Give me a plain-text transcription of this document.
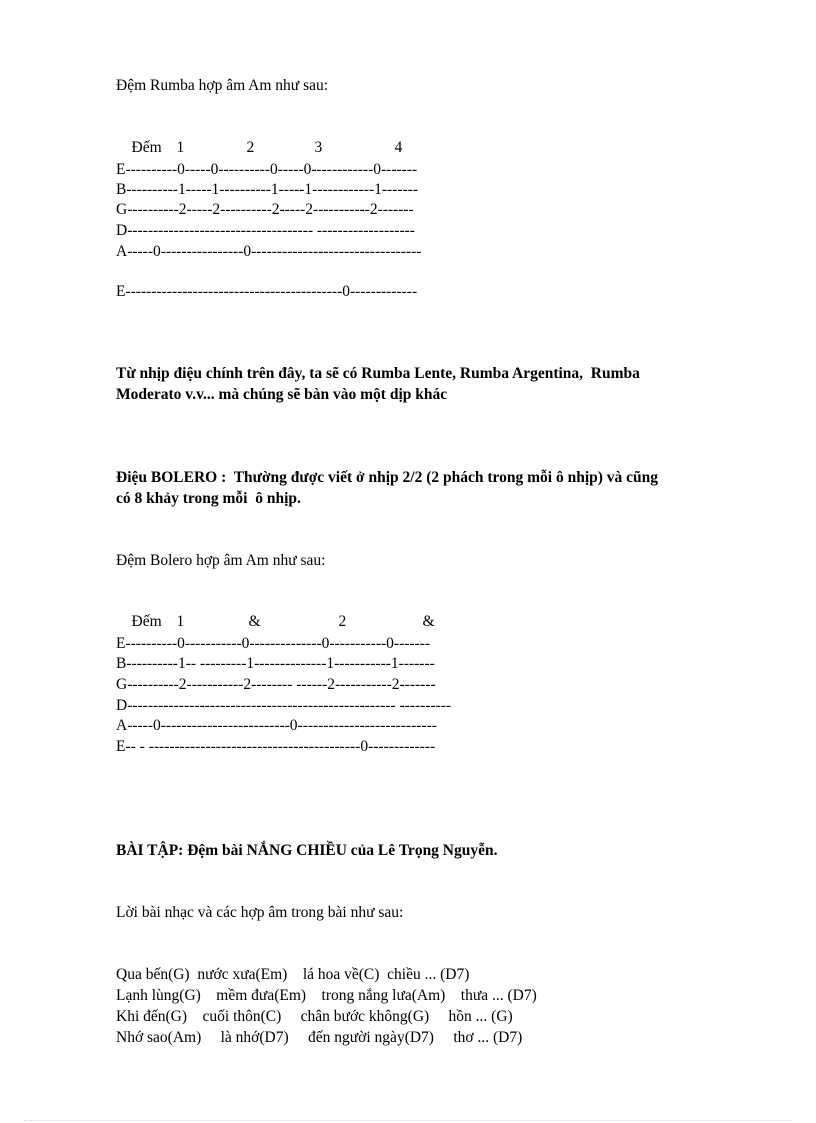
Đệm Rumba hợp âm Am như sau:

Đếm 1	2	3	4

E----------0-----0----------0-----0------------0-------
B----------1-----1----------1-----1------------1-------
G----------2-----2----------2-----2-----------2-------
D------------------------------------ -------------------
A-----0----------------0---------------------------------
E------------------------------------------0-------------
Từ nhịp điệu chính trên đây, ta sẽ có Rumba Lente, Rumba Argentina,  Rumba
Moderato v.v... mà chúng sẽ bàn vào một dịp khác
Điệu BOLERO :  Thường được viết ở nhịp 2/2 (2 phách trong mỗi ô nhịp) và cũng
có 8 khảy trong mỗi  ô nhịp.
Đệm Bolero hợp âm Am như sau:

Đếm 1	&	2	&

E----------0-----------0--------------0-----------0-------
B----------1-- ---------1--------------1-----------1-------
G----------2-----------2-------- ------2-----------2-------
D---------------------------------------------------- ----------
A-----0-------------------------0---------------------------
E-- - -----------------------------------------0-------------
BÀI TẬP: Đệm bài NẮNG CHIỀU của Lê Trọng Nguyễn.
Lời bài nhạc và các hợp âm trong bài như sau:
Qua bến(G)  nước xưa(Em)    lá hoa về(C)  chiều ... (D7)
Lạnh lùng(G)    mềm đưa(Em)    trong nắng lưa(Am)    thưa ... (D7)
Khi đến(G)    cuối thôn(C)     chân bước không(G)     hồn ... (G)
Nhớ sao(Am)     là nhớ(D7)     đến người ngày(D7)     thơ ... (D7)
